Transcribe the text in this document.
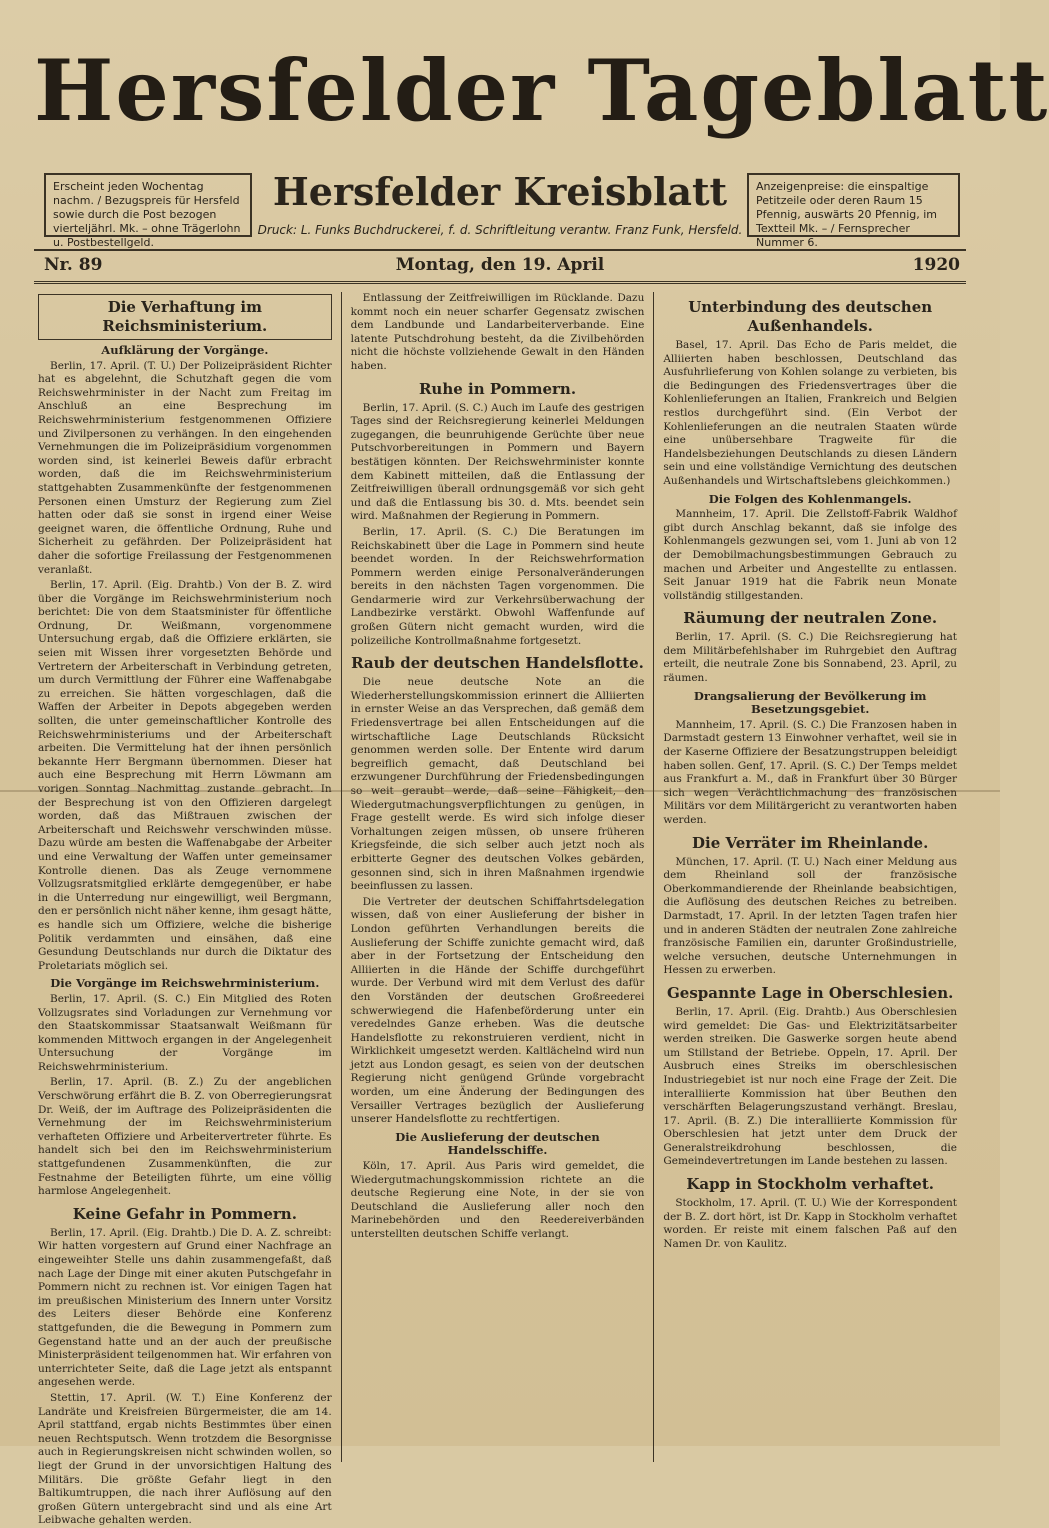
Hersfelder Tageblatt
Erscheint jeden Wochentag nachm. / Bezugspreis für Hersfeld sowie durch die Post bezogen vierteljährl. Mk. – ohne Trägerlohn u. Postbestellgeld.
Hersfelder Kreisblatt
Druck: L. Funks Buchdruckerei, f. d. Schriftleitung verantw. Franz Funk, Hersfeld.
Anzeigenpreise: die einspaltige Petitzeile oder deren Raum 15 Pfennig, auswärts 20 Pfennig, im Textteil Mk. – / Fernsprecher Nummer 6.
Nr. 89	Montag, den 19. April	1920
Die Verhaftung im Reichsministerium.
Aufklärung der Vorgänge.

Berlin, 17. April. (T. U.) Der Polizeipräsident Richter hat es abgelehnt, die Schutzhaft gegen die vom Reichswehrminister in der Nacht zum Freitag im Anschluß an eine Besprechung im Reichswehrministerium festgenommenen Offiziere und Zivilpersonen zu verhängen. In den eingehenden Vernehmungen die im Polizeipräsidium vorgenommen worden sind, ist keinerlei Beweis dafür erbracht worden, daß die im Reichswehrministerium stattgehabten Zusammenkünfte der festgenommenen Personen einen Umsturz der Regierung zum Ziel hatten oder daß sie sonst in irgend einer Weise geeignet waren, die öffentliche Ordnung, Ruhe und Sicherheit zu gefährden. Der Polizeipräsident hat daher die sofortige Freilassung der Festgenommenen veranlaßt.

Berlin, 17. April. (Eig. Drahtb.) Von der B. Z. wird über die Vorgänge im Reichswehrministerium noch berichtet: Die von dem Staatsminister für öffentliche Ordnung, Dr. Weißmann, vorgenommene Untersuchung ergab, daß die Offiziere erklärten, sie seien mit Wissen ihrer vorgesetzten Behörde und Vertretern der Arbeiterschaft in Verbindung getreten, um durch Vermittlung der Führer eine Waffenabgabe zu erreichen. Sie hätten vorgeschlagen, daß die Waffen der Arbeiter in Depots abgegeben werden sollten, die unter gemeinschaftlicher Kontrolle des Reichswehrministeriums und der Arbeiterschaft arbeiten. Die Vermittelung hat der ihnen persönlich bekannte Herr Bergmann übernommen. Dieser hat auch eine Besprechung mit Herrn Löwmann am vorigen Sonntag Nachmittag zustande gebracht. In der Besprechung ist von den Offizieren dargelegt worden, daß das Mißtrauen zwischen der Arbeiterschaft und Reichswehr verschwinden müsse. Dazu würde am besten die Waffenabgabe der Arbeiter und eine Verwaltung der Waffen unter gemeinsamer Kontrolle dienen. Das als Zeuge vernommene Vollzugsratsmitglied erklärte demgegenüber, er habe in die Unterredung nur eingewilligt, weil Bergmann, den er persönlich nicht näher kenne, ihm gesagt hätte, es handle sich um Offiziere, welche die bisherige Politik verdammten und einsähen, daß eine Gesundung Deutschlands nur durch die Diktatur des Proletariats möglich sei.

Die Vorgänge im Reichswehrministerium.

Berlin, 17. April. (S. C.) Ein Mitglied des Roten Vollzugsrates sind Vorladungen zur Vernehmung vor den Staatskommissar Staatsanwalt Weißmann für kommenden Mittwoch ergangen in der Angelegenheit Untersuchung der Vorgänge im Reichswehrministerium.

Berlin, 17. April. (B. Z.) Zu der angeblichen Verschwörung erfährt die B. Z. von Oberregierungsrat Dr. Weiß, der im Auftrage des Polizeipräsidenten die Vernehmung der im Reichswehrministerium verhafteten Offiziere und Arbeitervertreter führte. Es handelt sich bei den im Reichswehrministerium stattgefundenen Zusammenkünften, die zur Festnahme der Beteiligten führte, um eine völlig harmlose Angelegenheit.

Keine Gefahr in Pommern.

Berlin, 17. April. (Eig. Drahtb.) Die D. A. Z. schreibt: Wir hatten vorgestern auf Grund einer Nachfrage an eingeweihter Stelle uns dahin zusammengefaßt, daß nach Lage der Dinge mit einer akuten Putschgefahr in Pommern nicht zu rechnen ist. Vor einigen Tagen hat im preußischen Ministerium des Innern unter Vorsitz des Leiters dieser Behörde eine Konferenz stattgefunden, die die Bewegung in Pommern zum Gegenstand hatte und an der auch der preußische Ministerpräsident teilgenommen hat. Wir erfahren von unterrichteter Seite, daß die Lage jetzt als entspannt angesehen werde.

Stettin, 17. April. (W. T.) Eine Konferenz der Landräte und Kreisfreien Bürgermeister, die am 14. April stattfand, ergab nichts Bestimmtes über einen neuen Rechtsputsch. Wenn trotzdem die Besorgnisse auch in Regierungskreisen nicht schwinden wollen, so liegt der Grund in der unvorsichtigen Haltung des Militärs. Die größte Gefahr liegt in den Baltikumtruppen, die nach ihrer Auflösung auf den großen Gütern untergebracht sind und als eine Art Leibwache gehalten werden.

Entlassung der Zeitfreiwilligen im Rücklande. Dazu kommt noch ein neuer scharfer Gegensatz zwischen dem Landbunde und Landarbeiterverbande. Eine latente Putschdrohung besteht, da die Zivilbehörden nicht die höchste vollziehende Gewalt in den Händen haben.

Ruhe in Pommern.

Berlin, 17. April. (S. C.) Auch im Laufe des gestrigen Tages sind der Reichsregierung keinerlei Meldungen zugegangen, die beunruhigende Gerüchte über neue Putschvorbereitungen in Pommern und Bayern bestätigen könnten. Der Reichswehrminister konnte dem Kabinett mitteilen, daß die Entlassung der Zeitfreiwilligen überall ordnungsgemäß vor sich geht und daß die Entlassung bis 30. d. Mts. beendet sein wird. Maßnahmen der Regierung in Pommern.

Berlin, 17. April. (S. C.) Die Beratungen im Reichskabinett über die Lage in Pommern sind heute beendet worden. In der Reichswehrformation Pommern werden einige Personalveränderungen bereits in den nächsten Tagen vorgenommen. Die Gendarmerie wird zur Verkehrsüberwachung der Landbezirke verstärkt. Obwohl Waffenfunde auf großen Gütern nicht gemacht wurden, wird die polizeiliche Kontrollmaßnahme fortgesetzt.

Raub der deutschen Handelsflotte.

Die neue deutsche Note an die Wiederherstellungskommission erinnert die Alliierten in ernster Weise an das Versprechen, daß gemäß dem Friedensvertrage bei allen Entscheidungen auf die wirtschaftliche Lage Deutschlands Rücksicht genommen werden solle. Der Entente wird darum begreiflich gemacht, daß Deutschland bei erzwungener Durchführung der Friedensbedingungen so weit geraubt werde, daß seine Fähigkeit, den Wiedergutmachungsverpflichtungen zu genügen, in Frage gestellt werde. Es wird sich infolge dieser Vorhaltungen zeigen müssen, ob unsere früheren Kriegsfeinde, die sich selber auch jetzt noch als erbitterte Gegner des deutschen Volkes gebärden, gesonnen sind, sich in ihren Maßnahmen irgendwie beeinflussen zu lassen.

Die Vertreter der deutschen Schiffahrtsdelegation wissen, daß von einer Auslieferung der bisher in London geführten Verhandlungen bereits die Auslieferung der Schiffe zunichte gemacht wird, daß aber in der Fortsetzung der Entscheidung den Alliierten in die Hände der Schiffe durchgeführt wurde. Der Verbund wird mit dem Verlust des dafür den Vorständen der deutschen Großreederei schwerwiegend die Hafenbeförderung unter ein veredelndes Ganze erheben. Was die deutsche Handelsflotte zu rekonstruieren verdient, nicht in Wirklichkeit umgesetzt werden. Kaltlächelnd wird nun jetzt aus London gesagt, es seien von der deutschen Regierung nicht genügend Gründe vorgebracht worden, um eine Änderung der Bedingungen des Versailler Vertrages bezüglich der Auslieferung unserer Handelsflotte zu rechtfertigen.

Die Auslieferung der deutschen Handelsschiffe.

Köln, 17. April. Aus Paris wird gemeldet, die Wiedergutmachungskommission richtete an die deutsche Regierung eine Note, in der sie von Deutschland die Auslieferung aller noch den Marinebehörden und den Reedereiverbänden unterstellten deutschen Schiffe verlangt.

Unterbindung des deutschen Außenhandels.

Basel, 17. April. Das Echo de Paris meldet, die Alliierten haben beschlossen, Deutschland das Ausfuhrlieferung von Kohlen solange zu verbieten, bis die Bedingungen des Friedensvertrages über die Kohlenlieferungen an Italien, Frankreich und Belgien restlos durchgeführt sind. (Ein Verbot der Kohlenlieferungen an die neutralen Staaten würde eine unübersehbare Tragweite für die Handelsbeziehungen Deutschlands zu diesen Ländern sein und eine vollständige Vernichtung des deutschen Außenhandels und Wirtschaftslebens gleichkommen.)

Die Folgen des Kohlenmangels.

Mannheim, 17. April. Die Zellstoff-Fabrik Waldhof gibt durch Anschlag bekannt, daß sie infolge des Kohlenmangels gezwungen sei, vom 1. Juni ab von 12 der Demobilmachungsbestimmungen Gebrauch zu machen und Arbeiter und Angestellte zu entlassen. Seit Januar 1919 hat die Fabrik neun Monate vollständig stillgestanden.

Räumung der neutralen Zone.

Berlin, 17. April. (S. C.) Die Reichsregierung hat dem Militärbefehlshaber im Ruhrgebiet den Auftrag erteilt, die neutrale Zone bis Sonnabend, 23. April, zu räumen.

Drangsalierung der Bevölkerung im Besetzungsgebiet.

Mannheim, 17. April. (S. C.) Die Franzosen haben in Darmstadt gestern 13 Einwohner verhaftet, weil sie in der Kaserne Offiziere der Besatzungstruppen beleidigt haben sollen. Genf, 17. April. (S. C.) Der Temps meldet aus Frankfurt a. M., daß in Frankfurt über 30 Bürger sich wegen Verächtlichmachung des französischen Militärs vor dem Militärgericht zu verantworten haben werden.

Die Verräter im Rheinlande.

München, 17. April. (T. U.) Nach einer Meldung aus dem Rheinland soll der französische Oberkommandierende der Rheinlande beabsichtigen, die Auflösung des deutschen Reiches zu betreiben. Darmstadt, 17. April. In der letzten Tagen trafen hier und in anderen Städten der neutralen Zone zahlreiche französische Familien ein, darunter Großindustrielle, welche versuchen, deutsche Unternehmungen in Hessen zu erwerben.

Gespannte Lage in Oberschlesien.

Berlin, 17. April. (Eig. Drahtb.) Aus Oberschlesien wird gemeldet: Die Gas- und Elektrizitätsarbeiter werden streiken. Die Gaswerke sorgen heute abend um Stillstand der Betriebe. Oppeln, 17. April. Der Ausbruch eines Streiks im oberschlesischen Industriegebiet ist nur noch eine Frage der Zeit. Die interalliierte Kommission hat über Beuthen den verschärften Belagerungszustand verhängt. Breslau, 17. April. (B. Z.) Die interalliierte Kommission für Oberschlesien hat jetzt unter dem Druck der Generalstreikdrohung beschlossen, die Gemeindevertretungen im Lande bestehen zu lassen.

Kapp in Stockholm verhaftet.

Stockholm, 17. April. (T. U.) Wie der Korrespondent der B. Z. dort hört, ist Dr. Kapp in Stockholm verhaftet worden. Er reiste mit einem falschen Paß auf den Namen Dr. von Kaulitz.
